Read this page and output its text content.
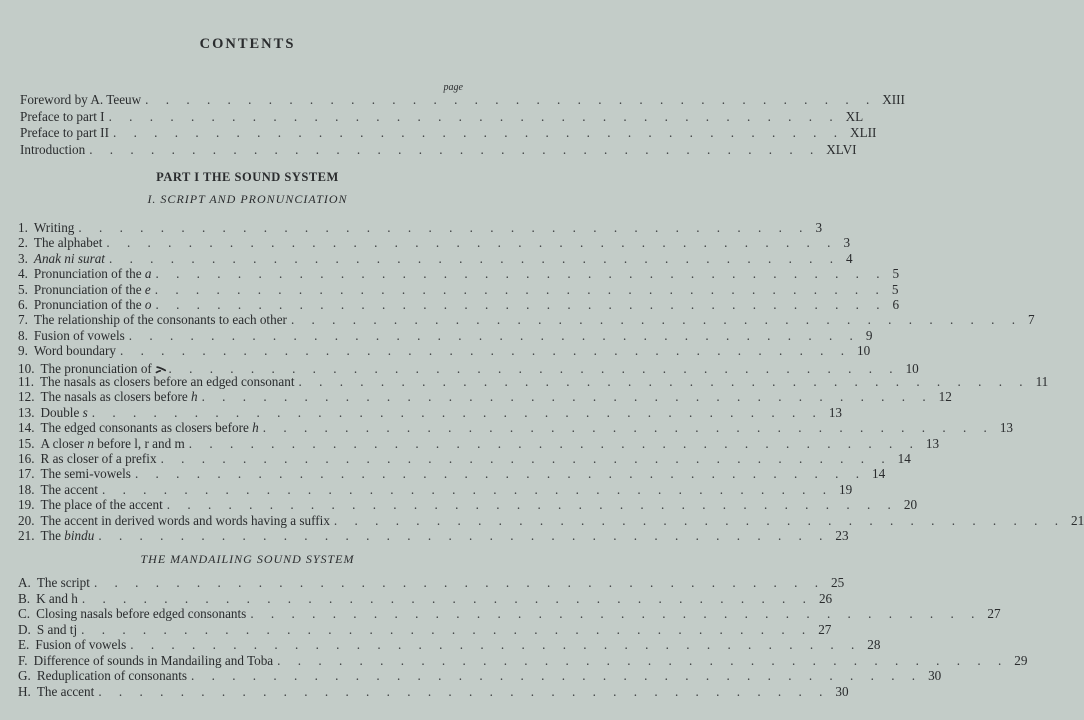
CONTENTS
page
Foreword by A. Teeuw . . . . . . . . . . . . . . . . . . . . . . . . . . . . . . . . . . . . XIII
Preface to part I . . . . . . . . . . . . . . . . . . . . . . . . . . . . . . . . . . . . XL
Preface to part II . . . . . . . . . . . . . . . . . . . . . . . . . . . . . . . . . . . . XLII
Introduction . . . . . . . . . . . . . . . . . . . . . . . . . . . . . . . . . . . . XLVI
PART I THE SOUND SYSTEM
I. SCRIPT AND PRONUNCIATION
1. Writing . . . . . . . . . . . . . . . . . . . . . . . . . . . . . . . . . . . . 3
2. The alphabet . . . . . . . . . . . . . . . . . . . . . . . . . . . . . . . . . . . . 3
3. Anak ni surat . . . . . . . . . . . . . . . . . . . . . . . . . . . . . . . . . . . . 4
4. Pronunciation of the a . . . . . . . . . . . . . . . . . . . . . . . . . . . . . . . . . . . . 5
5. Pronunciation of the e . . . . . . . . . . . . . . . . . . . . . . . . . . . . . . . . . . . . 5
6. Pronunciation of the o . . . . . . . . . . . . . . . . . . . . . . . . . . . . . . . . . . . . 6
7. The relationship of the consonants to each other . . . . . . . . . . . . . . . . . . . . . . . . . . . . . . . . . . . . 7
8. Fusion of vowels . . . . . . . . . . . . . . . . . . . . . . . . . . . . . . . . . . . . 9
9. Word boundary . . . . . . . . . . . . . . . . . . . . . . . . . . . . . . . . . . . . 10
10. The pronunciation of ᯢ . . . . . . . . . . . . . . . . . . . . . . . . . . . . . . . . . . . . 10
11. The nasals as closers before an edged consonant . . . . . . . . . . . . . . . . . . . . . . . . . . . . . . . . . . . . 11
12. The nasals as closers before h . . . . . . . . . . . . . . . . . . . . . . . . . . . . . . . . . . . . 12
13. Double s . . . . . . . . . . . . . . . . . . . . . . . . . . . . . . . . . . . . 13
14. The edged consonants as closers before h . . . . . . . . . . . . . . . . . . . . . . . . . . . . . . . . . . . . 13
15. A closer n before l, r and m . . . . . . . . . . . . . . . . . . . . . . . . . . . . . . . . . . . . 13
16. R as closer of a prefix . . . . . . . . . . . . . . . . . . . . . . . . . . . . . . . . . . . . 14
17. The semi-vowels . . . . . . . . . . . . . . . . . . . . . . . . . . . . . . . . . . . . 14
18. The accent . . . . . . . . . . . . . . . . . . . . . . . . . . . . . . . . . . . . 19
19. The place of the accent . . . . . . . . . . . . . . . . . . . . . . . . . . . . . . . . . . . . 20
20. The accent in derived words and words having a suffix . . . . . . . . . . . . . . . . . . . . . . . . . . . . . . . . . . . . 21
21. The bindu . . . . . . . . . . . . . . . . . . . . . . . . . . . . . . . . . . . . 23
THE MANDAILING SOUND SYSTEM
A. The script . . . . . . . . . . . . . . . . . . . . . . . . . . . . . . . . . . . . 25
B. K and h . . . . . . . . . . . . . . . . . . . . . . . . . . . . . . . . . . . . 26
C. Closing nasals before edged consonants . . . . . . . . . . . . . . . . . . . . . . . . . . . . . . . . . . . . 27
D. S and tj . . . . . . . . . . . . . . . . . . . . . . . . . . . . . . . . . . . . 27
E. Fusion of vowels . . . . . . . . . . . . . . . . . . . . . . . . . . . . . . . . . . . . 28
F. Difference of sounds in Mandailing and Toba . . . . . . . . . . . . . . . . . . . . . . . . . . . . . . . . . . . . 29
G. Reduplication of consonants . . . . . . . . . . . . . . . . . . . . . . . . . . . . . . . . . . . . 30
H. The accent . . . . . . . . . . . . . . . . . . . . . . . . . . . . . . . . . . . . 30
